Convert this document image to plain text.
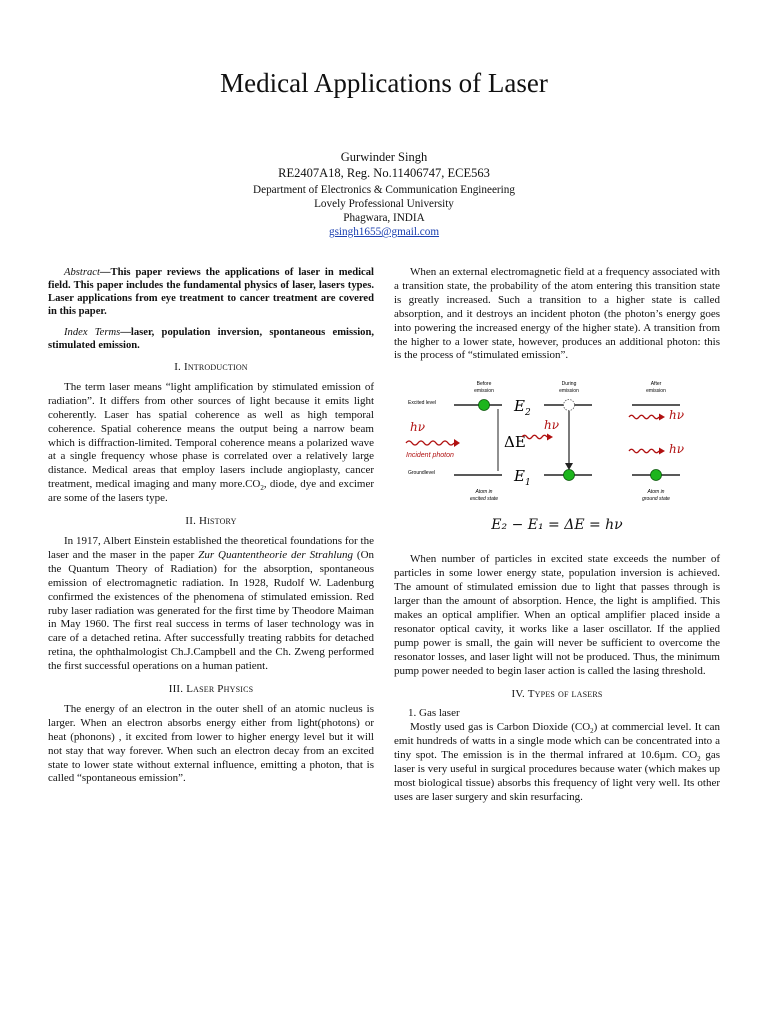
Medical Applications of Laser
Gurwinder Singh
RE2407A18, Reg. No.11406747, ECE563
Department of Electronics & Communication Engineering
Lovely Professional University
Phagwara, INDIA
gsingh1655@gmail.com

Abstract—This paper reviews the applications of laser in medical field. This paper includes the fundamental physics of laser, lasers types. Laser applications from eye treatment to cancer treatment are covered in this paper.

Index Terms—laser, population inversion, spontaneous emission, stimulated emission.

I. Introduction

The term laser means “light amplification by stimulated emission of radiation”. It differs from other sources of light because it emits light coherently. Laser has spatial coherence as well as high temporal coherence. Spatial coherence means the output being a narrow beam which is diffraction-limited. Temporal coherence means a polarized wave at a single frequency whose phase is correlated over a relatively large distance. Medical areas that employ lasers include angioplasty, cancer treatment, medical imaging and many $more.CO_2$, diode, dye and excimer are some of the lasers type.

II. History

In 1917, Albert Einstein established the theoretical foundations for the laser and the maser in the paper Zur Quantentheorie der Strahlung (On the Quantum Theory of Radiation) for the absorption, spontaneous emission of electromagnetic radiation. In 1928, Rudolf W. Ladenburg confirmed the existences of the phenomena of stimulated emission. Red ruby laser radiation was generated for the first time by Theodore Maiman in May 1960. The first real success in terms of laser technology was in care of a detached retina. After successfully treating rabbits for detached retina, the ophthalmologist Ch.J.Campbell and the Ch. Zweng performed the first successful operations on a human patient.

III. Laser Physics

The energy of an electron in the outer shell of an atomic nucleus is larger. When an electron absorbs energy either from light(photons) or heat (phonons) , it excited from lower to higher energy level but it will not stay that way forever. When such an electron decay from an excited state to lower state without external influence, emitting a photon, that is called “spontaneous emission”.

When an external electromagnetic field at a frequency associated with a transition state, the probability of the atom entering this transition state is greatly increased. Such a transition to a higher state is called absorption, and it destroys an incident photon (the photon’s energy goes into powering the increased energy of the higher state). A transition from the higher to a lower state, however, produces an additional photon: this is the process of “stimulated emission”.

Before
emission
During
emission
After
emission
Excited level
Groundlevel
$E_2$
$E_1$
ΔE
hν
Incident photon
hν
hν
hν
Atom in
excited state
Atom in
ground state
E₂ − E₁ = ΔE = hν

When number of particles in excited state exceeds the number of particles in some lower energy state, population inversion is achieved. The amount of stimulated emission due to light that passes through is larger than the amount of absorption. Hence, the light is amplified. This makes an optical amplifier. When an optical amplifier placed inside a resonator optical cavity, it works like a laser oscillator. If the applied pump power is small, the gain will never be sufficient to overcome the resonator losses, and laser light will not be produced. Thus, the minimum pump power needed to begin laser action is called the lasing threshold.

IV. Types of lasers

1. Gas laser

Mostly used gas is Carbon Dioxide $(CO_2)$ at commercial level. It can emit hundreds of watts in a single mode which can be concentrated into a tiny spot. The emission is in the thermal infrared at 10.6µm. $CO_2$ gas laser is very useful in surgical procedures because water (which makes up most biological tissue) absorbs this frequency of light very well. Its other uses are laser surgery and skin resurfacing.
